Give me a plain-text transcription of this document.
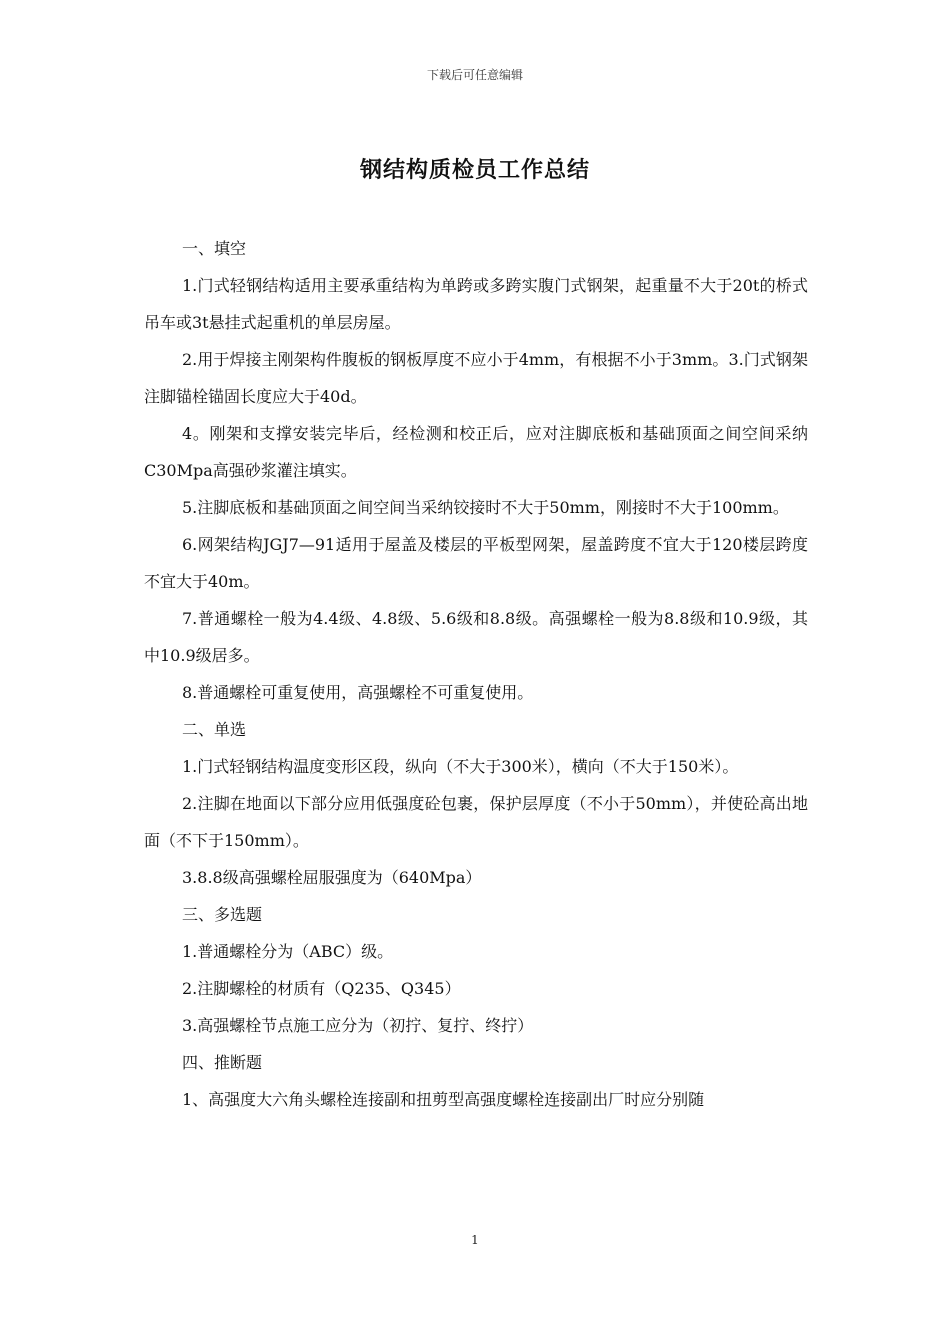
下载后可任意编辑
钢结构质检员工作总结

一、填空

1.门式轻钢结构适用主要承重结构为单跨或多跨实腹门式钢架，起重量不大于20t的桥式吊车或3t悬挂式起重机的单层房屋。

2.用于焊接主刚架构件腹板的钢板厚度不应小于4mm，有根据不小于3mm。3.门式钢架注脚锚栓锚固长度应大于40d。

4。刚架和支撑安装完毕后，经检测和校正后，应对注脚底板和基础顶面之间空间采纳C30Mpa高强砂浆灌注填实。

5.注脚底板和基础顶面之间空间当采纳铰接时不大于50mm，刚接时不大于100mm。

6.网架结构JGJ7—91适用于屋盖及楼层的平板型网架，屋盖跨度不宜大于120楼层跨度不宜大于40m。

7.普通螺栓一般为4.4级、4.8级、5.6级和8.8级。高强螺栓一般为8.8级和10.9级，其中10.9级居多。

8.普通螺栓可重复使用，高强螺栓不可重复使用。

二、单选

1.门式轻钢结构温度变形区段，纵向（不大于300米），横向（不大于150米）。

2.注脚在地面以下部分应用低强度砼包裹，保护层厚度（不小于50mm），并使砼高出地面（不下于150mm）。

3.8.8级高强螺栓屈服强度为（640Mpa）

三、多选题

1.普通螺栓分为（ABC）级。

2.注脚螺栓的材质有（Q235、Q345）

3.高强螺栓节点施工应分为（初拧、复拧、终拧）

四、推断题

1、高强度大六角头螺栓连接副和扭剪型高强度螺栓连接副出厂时应分别随

1
